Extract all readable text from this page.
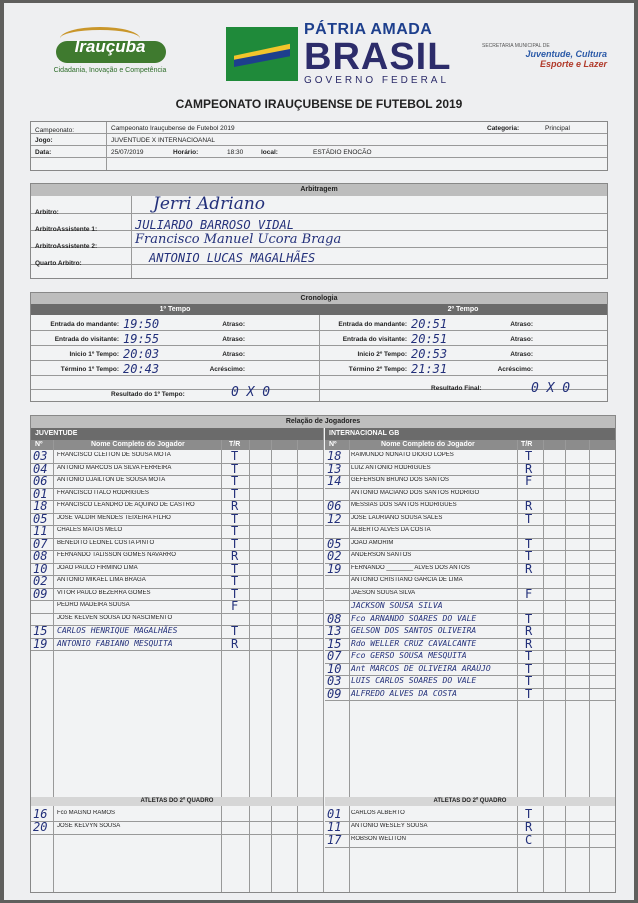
Irauçuba
Cidadania, Inovação e Competência
PÁTRIA AMADA
BRASIL
GOVERNO FEDERAL
SECRETARIA MUNICIPAL DE
Juventude, Cultura
Esporte e Lazer
CAMPEONATO IRAUÇUBENSE DE FUTEBOL 2019
Campeonato:	Campeonato Irauçubense de Futebol 2019	Categoria:	Principal
Jogo:	JUVENTUDE X INTERNACIOANAL
Data:	25/07/2019	Horário:	18:30	local:	ESTÁDIO ENOCÃO
Arbitragem
Arbitro:	Jerri Adriano
ArbitroAssistente 1:	JULIARDO BARROSO VIDAL
ArbitroAssistente 2:	Francisco Manuel Ucora Braga
Quarto Arbitro:	ANTONIO LUCAS MAGALHÃES
Cronologia
1º Tempo	2º Tempo
Resultado do 1º Tempo:	0 X 0	Resultado Final:	0 X 0
Entrada do mandante: 19:50	Atraso:
Entrada do visitante: 19:55	Atraso:
Inicio 1º Tempo: 20:03	Atraso:
Término 1º Tempo: 20:43	Acréscimo:
Entrada do mandante: 20:51	Atraso:
Entrada do visitante: 20:51	Atraso:
Inicio 2º Tempo: 20:53	Atraso:
Término 2º Tempo: 21:31	Acréscimo:
Relação de Jogadores
JUVENTUDE	INTERNACIONAL GB
Nº	Nome Completo do Jogador	T/R	Nº	Nome Completo do Jogador	T/R
ATLETAS DO 2º QUADRO	ATLETAS DO 2º QUADRO
03 FRANCISCO CLEITON DE SOUSA MOTA	T
04 ANTONIO MARCOS DA SILVA FERREIRA	T
06 ANTONIO DJAILTON DE SOUSA MOTA	T
01 FRANCISCO ITALO RODRIGUES	T
18 FRANCISCO LEANDRO DE AQUINO DE CASTRO	R
05 JOSE VALDIR MENDES TEIXEIRA FILHO	T
11 CHALES MATOS MELO	T
07 BENEDITO LEONEL COSTA PINTO	T
08 FERNANDO TALISSON GOMES NAVARRO	R
10 JOAO PAULO FIRMINO LIMA	T
02 ANTONIO MIKAEL LIMA BRAGA	T
09 VITOR PAULO BEZERRA GOMES	T
PEDRO MADEIRA SOUSA	F
JOSE KELVEN SOUSA DO NASCIMENTO
15 CARLOS HENRIQUE MAGALHÃES	T
19 ANTONIO FABIANO MESQUITA	R
18 RAIMUNDO NONATO DIOGO LOPES	T
13 LUIZ ANTONIO RODRIGUES	R
14 GEFERSON BRUNO DOS SANTOS	F
ANTONIO MACIANO DOS SANTOS RODRIGO
06 MESSIAS DOS SANTOS RODRIGUES	R
12 JOSE LAURIANO SOUSA SALES	T
ALBERTO ALVES DA COSTA
05 JOÃO AMORIM	T
02 ANDERSON SANTOS	T
19 FERNANDO ________ ALVES DOS ANTOS	R
ANTONIO CRISTIANO GARCIA DE LIMA
JAESON SOUSA SILVA	F
JACKSON SOUSA SILVA
08 Fco ARNANDO SOARES DO VALE	T
13 GELSON DOS SANTOS OLIVEIRA	R
15 Rdo WELLER CRUZ CAVALCANTE	R
07 Fco GERSO SOUSA MESQUITA	T
10 Ant MARCOS DE OLIVEIRA ARAÚJO	T
03 LUIS CARLOS SOARES DO VALE	T
09 ALFREDO ALVES DA COSTA	T
16 Fco MAGNO RAMOS
20 JOSE KELVYN SOUSA
01 CARLOS ALBERTO	T
11 ANTONIO WESLEY SOUSA	R
17 ROBSON WELITON	C
